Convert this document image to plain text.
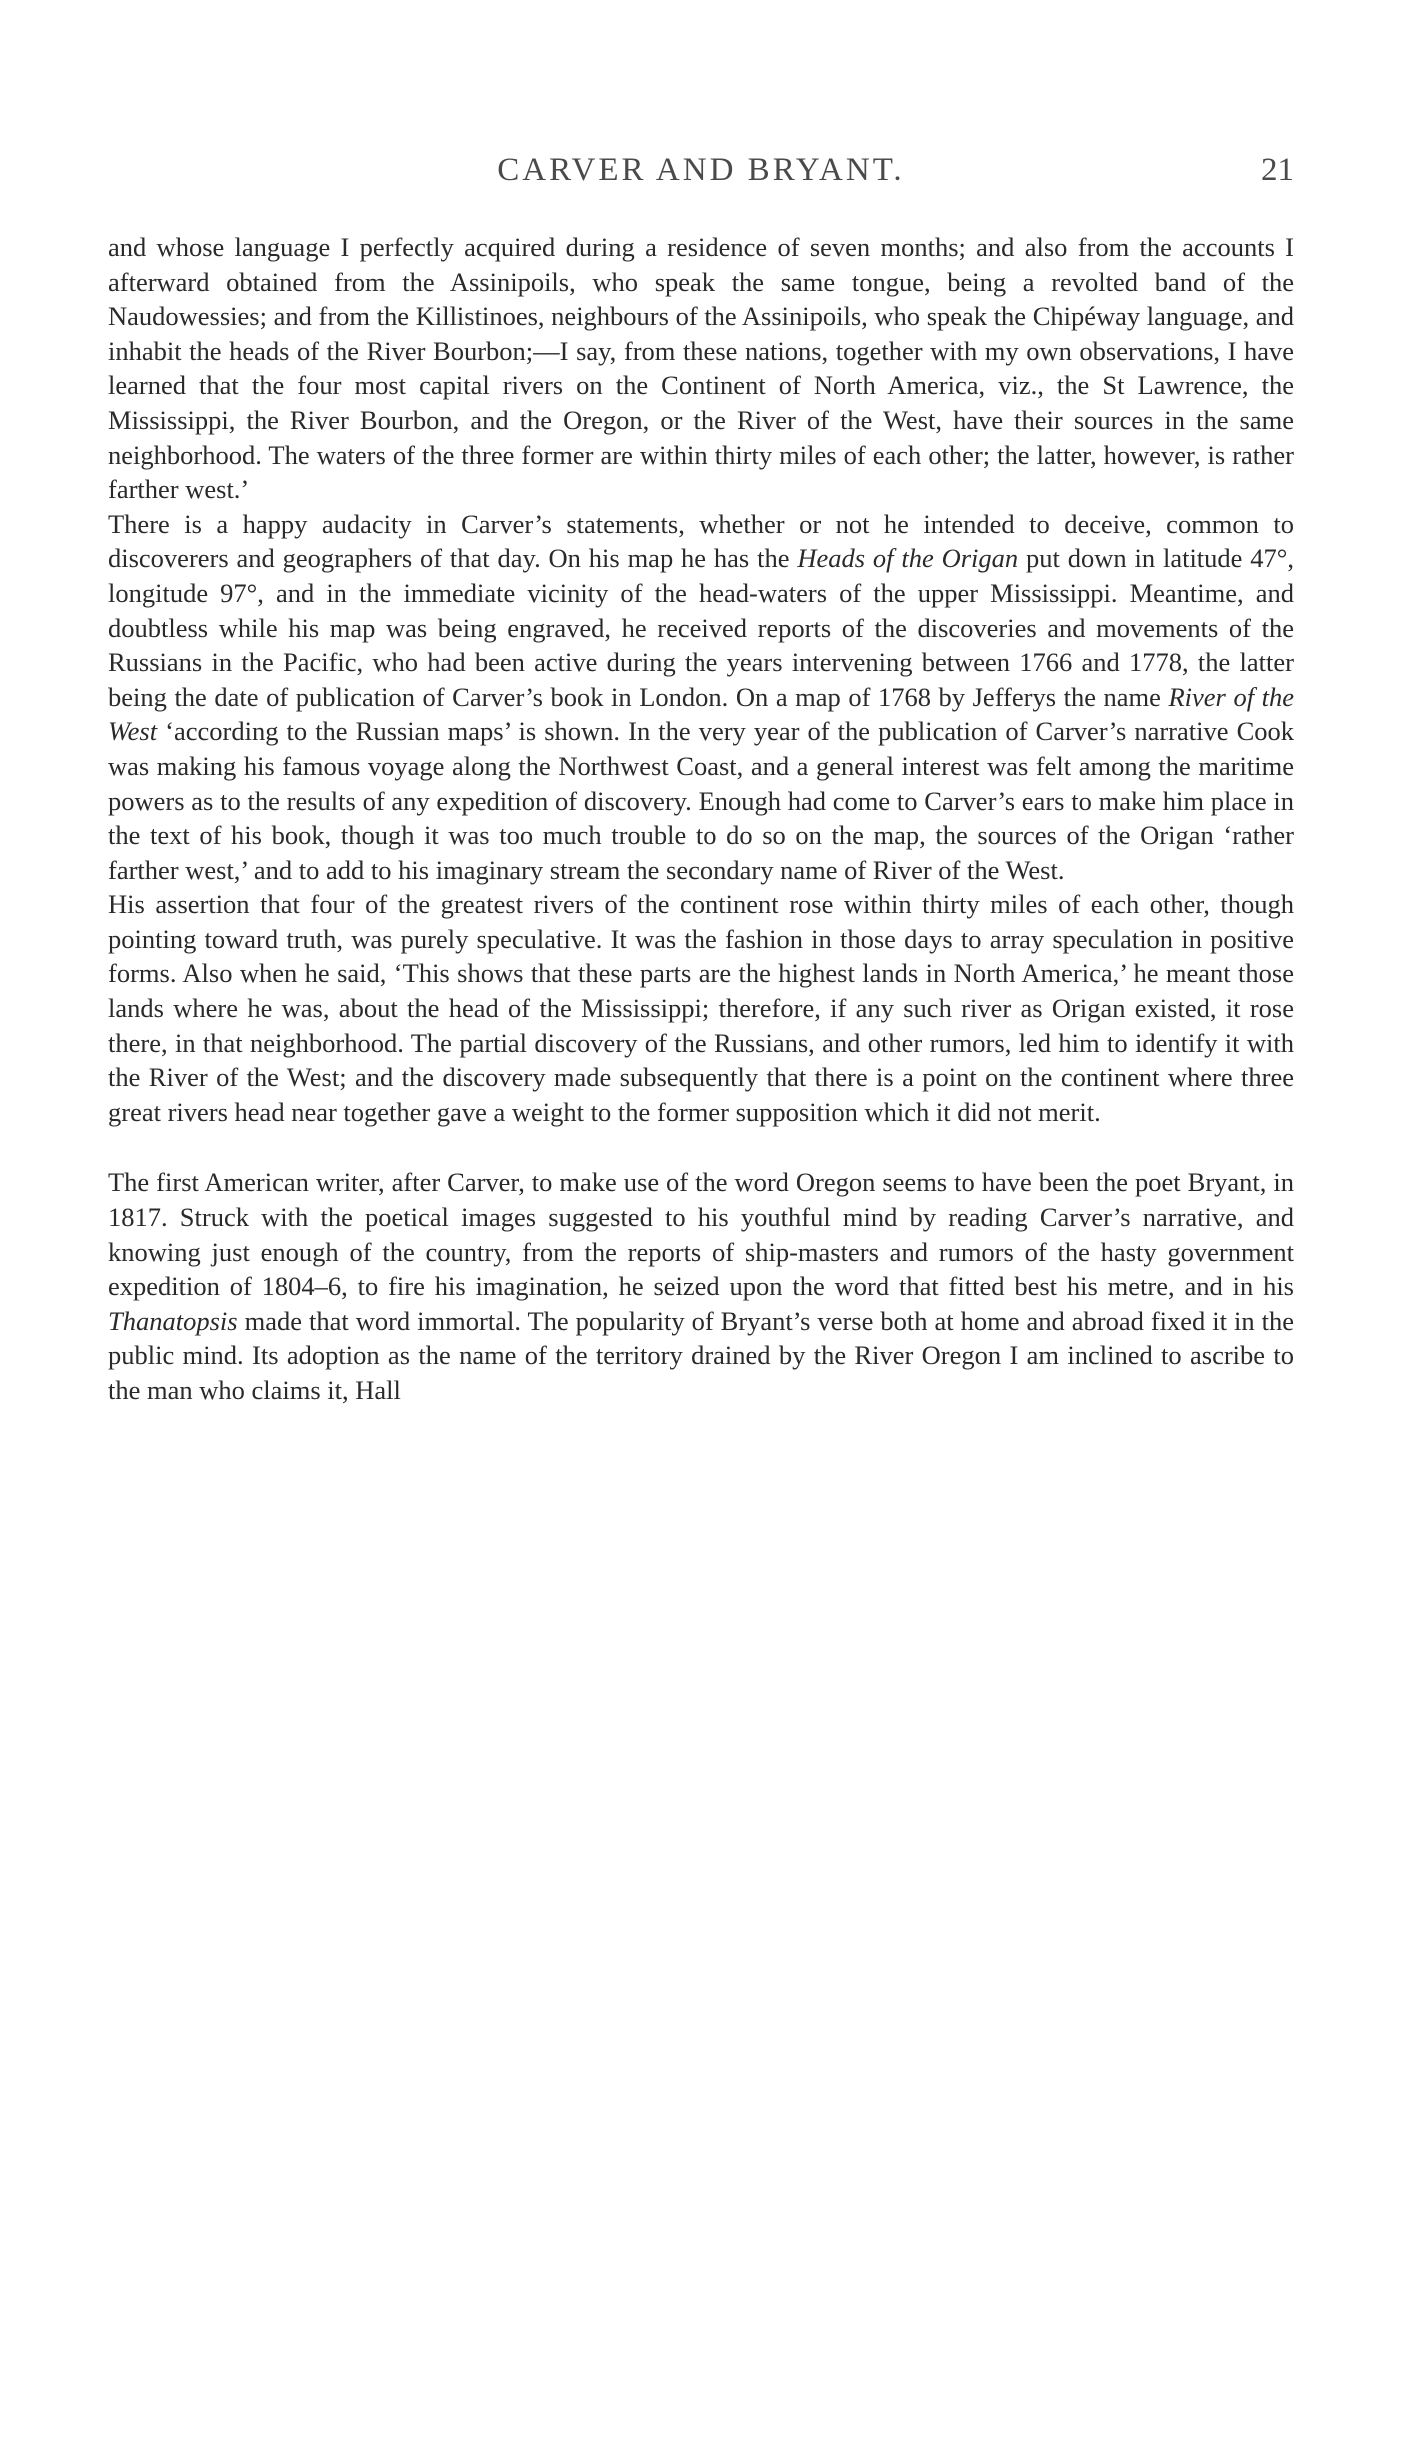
CARVER AND BRYANT.	21

and whose language I perfectly acquired during a residence of seven months; and also from the accounts I afterward obtained from the Assinipoils, who speak the same tongue, being a revolted band of the Naudowessies; and from the Killistinoes, neighbours of the Assinipoils, who speak the Chipéway language, and inhabit the heads of the River Bourbon;—I say, from these nations, together with my own observations, I have learned that the four most capital rivers on the Continent of North America, viz., the St Lawrence, the Mississippi, the River Bourbon, and the Oregon, or the River of the West, have their sources in the same neighborhood. The waters of the three former are within thirty miles of each other; the latter, however, is rather farther west.’

There is a happy audacity in Carver’s statements, whether or not he intended to deceive, common to discoverers and geographers of that day. On his map he has the Heads of the Origan put down in latitude 47°, longitude 97°, and in the immediate vicinity of the head-waters of the upper Mississippi. Meantime, and doubtless while his map was being engraved, he received reports of the discoveries and movements of the Russians in the Pacific, who had been active during the years intervening between 1766 and 1778, the latter being the date of publication of Carver’s book in London. On a map of 1768 by Jefferys the name River of the West ‘according to the Russian maps’ is shown. In the very year of the publication of Carver’s narrative Cook was making his famous voyage along the Northwest Coast, and a general interest was felt among the maritime powers as to the results of any expedition of discovery. Enough had come to Carver’s ears to make him place in the text of his book, though it was too much trouble to do so on the map, the sources of the Origan ‘rather farther west,’ and to add to his imaginary stream the secondary name of River of the West.

His assertion that four of the greatest rivers of the continent rose within thirty miles of each other, though pointing toward truth, was purely speculative. It was the fashion in those days to array speculation in positive forms. Also when he said, ‘This shows that these parts are the highest lands in North America,’ he meant those lands where he was, about the head of the Mississippi; therefore, if any such river as Origan existed, it rose there, in that neighborhood. The partial discovery of the Russians, and other rumors, led him to identify it with the River of the West; and the discovery made subsequently that there is a point on the continent where three great rivers head near together gave a weight to the former supposition which it did not merit.

The first American writer, after Carver, to make use of the word Oregon seems to have been the poet Bryant, in 1817. Struck with the poetical images suggested to his youthful mind by reading Carver’s narrative, and knowing just enough of the country, from the reports of ship-masters and rumors of the hasty government expedition of 1804–6, to fire his imagination, he seized upon the word that fitted best his metre, and in his Thanatopsis made that word immortal. The popularity of Bryant’s verse both at home and abroad fixed it in the public mind. Its adoption as the name of the territory drained by the River Oregon I am inclined to ascribe to the man who claims it, Hall
